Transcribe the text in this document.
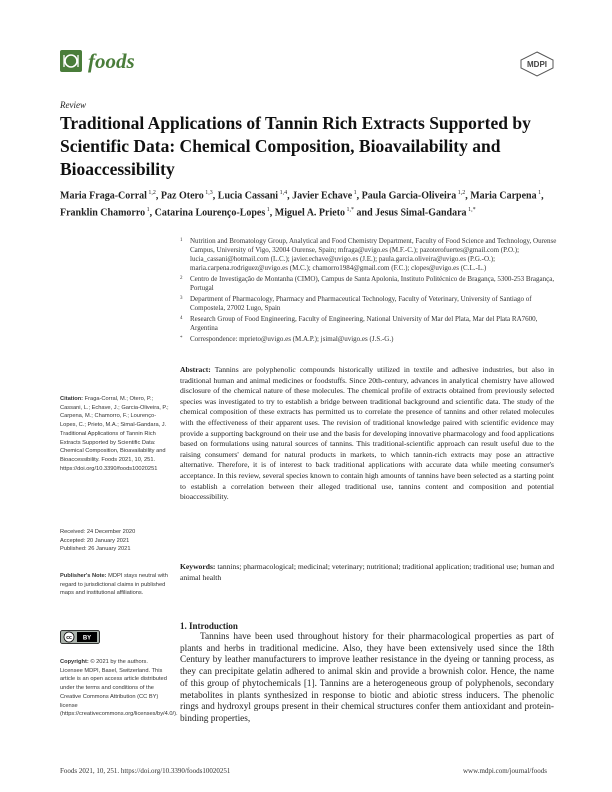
foods	MDPI
Review
Traditional Applications of Tannin Rich Extracts Supported by Scientific Data: Chemical Composition, Bioavailability and Bioaccessibility
Maria Fraga-Corral $^{1,2}$, Paz Otero $^{1,3}$, Lucia Cassani $^{1,4}$, Javier Echave $^1$, Paula Garcia-Oliveira $^{1,2}$, Maria Carpena $^1$, Franklin Chamorro $^1$, Catarina Lourenço-Lopes $^1$, Miguel A. Prieto $^{1,*}$ and Jesus Simal-Gandara $^{1,*}$
1 Nutrition and Bromatology Group, Analytical and Food Chemistry Department, Faculty of Food Science and Technology, Ourense Campus, University of Vigo, 32004 Ourense, Spain; mfraga@uvigo.es (M.F.-C.); pazoterofuertes@gmail.com (P.O.); lucia_cassani@hotmail.com (L.C.); javier.echave@uvigo.es (J.E.); paula.garcia.oliveira@uvigo.es (P.G.-O.); maria.carpena.rodriguez@uvigo.es (M.C.); chamorro1984@gmail.com (F.C.); clopes@uvigo.es (C.L.-L.)
2 Centro de Investigação de Montanha (CIMO), Campus de Santa Apolonia, Instituto Politécnico de Bragança, 5300-253 Bragança, Portugal
3 Department of Pharmacology, Pharmacy and Pharmaceutical Technology, Faculty of Veterinary, University of Santiago of Compostela, 27002 Lugo, Spain
4 Research Group of Food Engineering, Faculty of Engineering, National University of Mar del Plata, Mar del Plata RA7600, Argentina
* Correspondence: mprieto@uvigo.es (M.A.P.); jsimal@uvigo.es (J.S.-G.)
Abstract: Tannins are polyphenolic compounds historically utilized in textile and adhesive industries, but also in traditional human and animal medicines or foodstuffs. Since 20th-century, advances in analytical chemistry have allowed disclosure of the chemical nature of these molecules. The chemical profile of extracts obtained from previously selected species was investigated to try to establish a bridge between traditional background and scientific data. The study of the chemical composition of these extracts has permitted us to correlate the presence of tannins and other related molecules with the effectiveness of their apparent uses. The revision of traditional knowledge paired with scientific evidence may provide a supporting background on their use and the basis for developing innovative pharmacology and food applications based on formulations using natural sources of tannins. This traditional-scientific approach can result useful due to the raising consumers' demand for natural products in markets, to which tannin-rich extracts may pose an attractive alternative. Therefore, it is of interest to back traditional applications with accurate data while meeting consumer's acceptance. In this review, several species known to contain high amounts of tannins have been selected as a starting point to establish a correlation between their alleged traditional use, tannins content and composition and potential bioaccessibility.
Keywords: tannins; pharmacological; medicinal; veterinary; nutritional; traditional application; traditional use; human and animal health
Citation: Fraga-Corral, M.; Otero, P.; Cassani, L.; Echave, J.; Garcia-Oliveira, P.; Carpena, M.; Chamorro, F.; Lourenço-Lopes, C.; Prieto, M.A.; Simal-Gandara, J. Traditional Applications of Tannin Rich Extracts Supported by Scientific Data: Chemical Composition, Bioavailability and Bioaccessibility. Foods 2021, 10, 251. https://doi.org/10.3390/foods10020251
Received: 24 December 2020
Accepted: 20 January 2021
Published: 26 January 2021
Publisher's Note: MDPI stays neutral with regard to jurisdictional claims in published maps and institutional affiliations.
cc BY
Copyright: © 2021 by the authors. Licensee MDPI, Basel, Switzerland. This article is an open access article distributed under the terms and conditions of the Creative Commons Attribution (CC BY) license (https://creativecommons.org/licenses/by/4.0/).
1. Introduction

Tannins have been used throughout history for their pharmacological properties as part of plants and herbs in traditional medicine. Also, they have been extensively used since the 18th Century by leather manufacturers to improve leather resistance in the dyeing or tanning process, as they can precipitate gelatin adhered to animal skin and provide a brownish color. Hence, the name of this group of phytochemicals [1]. Tannins are a heterogeneous group of polyphenols, secondary metabolites in plants synthesized in response to biotic and abiotic stress inducers. The phenolic rings and hydroxyl groups present in their chemical structures confer them antioxidant and protein-binding properties,

Foods 2021, 10, 251. https://doi.org/10.3390/foods10020251	www.mdpi.com/journal/foods
